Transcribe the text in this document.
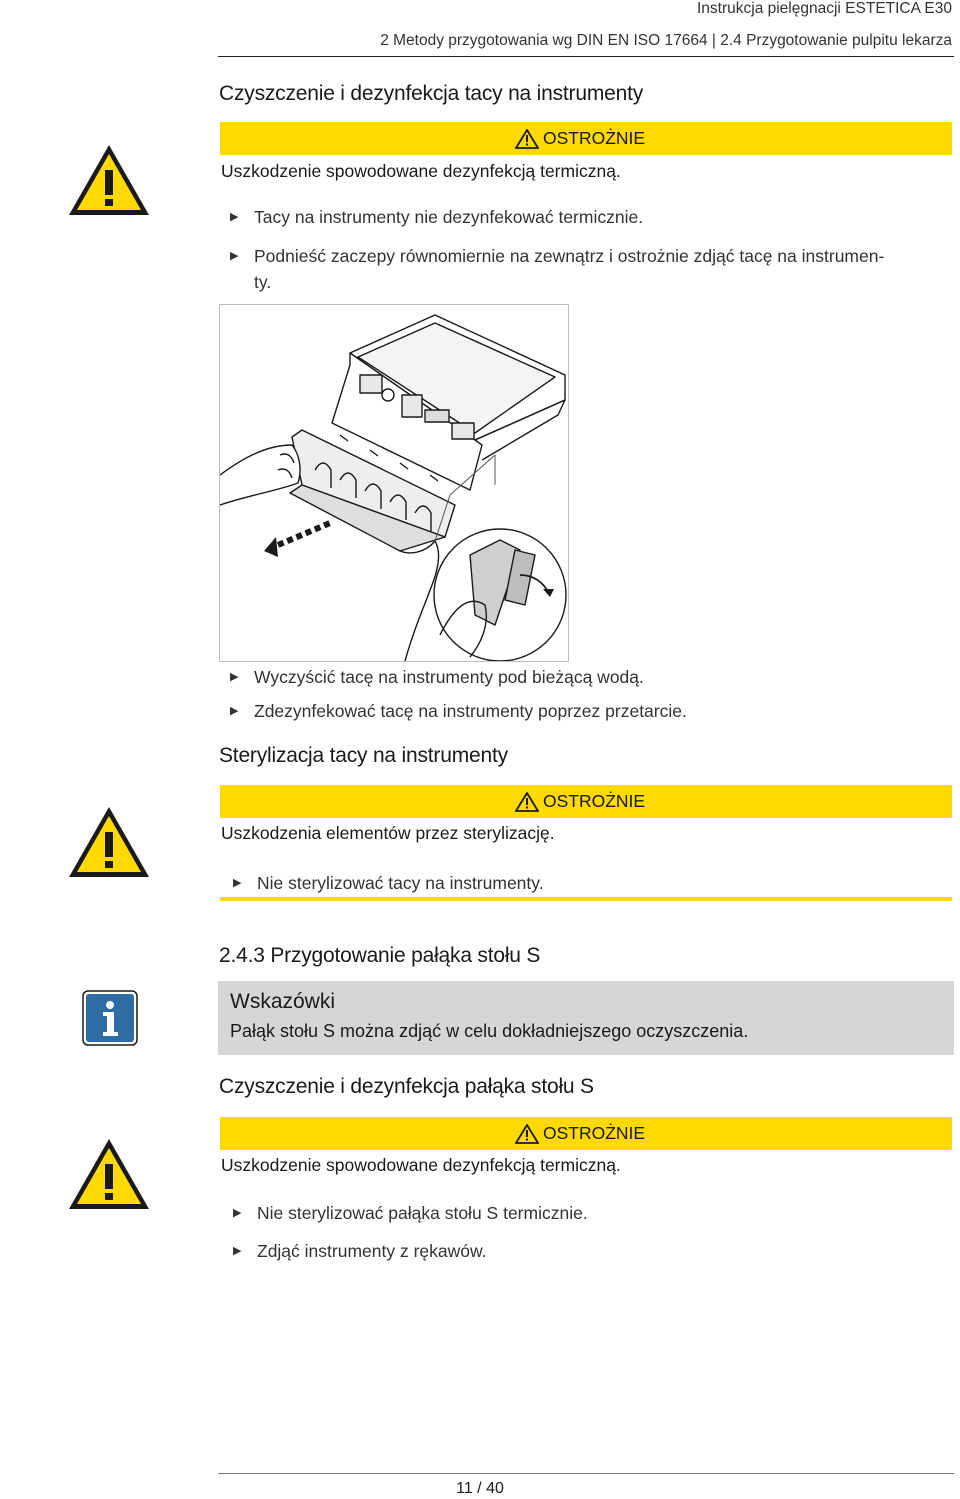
Instrukcja pielęgnacji ESTETICA E30
2 Metody przygotowania wg DIN EN ISO 17664 | 2.4 Przygotowanie pulpitu lekarza
Czyszczenie i dezynfekcja tacy na instrumenty
OSTROŻNIE
Uszkodzenie spowodowane dezynfekcją termiczną.
▶ Tacy na instrumenty nie dezynfekować termicznie.
▶ Podnieść zaczepy równomiernie na zewnątrz i ostrożnie zdjąć tacę na instrumen-
ty.
▶ Wyczyścić tacę na instrumenty pod bieżącą wodą.
▶ Zdezynfekować tacę na instrumenty poprzez przetarcie.
Sterylizacja tacy na instrumenty
OSTROŻNIE
Uszkodzenia elementów przez sterylizację.
▶ Nie sterylizować tacy na instrumenty.
2.4.3 Przygotowanie pałąka stołu S
Wskazówki
Pałąk stołu S można zdjąć w celu dokładniejszego oczyszczenia.
Czyszczenie i dezynfekcja pałąka stołu S
OSTROŻNIE
Uszkodzenie spowodowane dezynfekcją termiczną.
▶ Nie sterylizować pałąka stołu S termicznie.
▶ Zdjąć instrumenty z rękawów.
11 / 40
